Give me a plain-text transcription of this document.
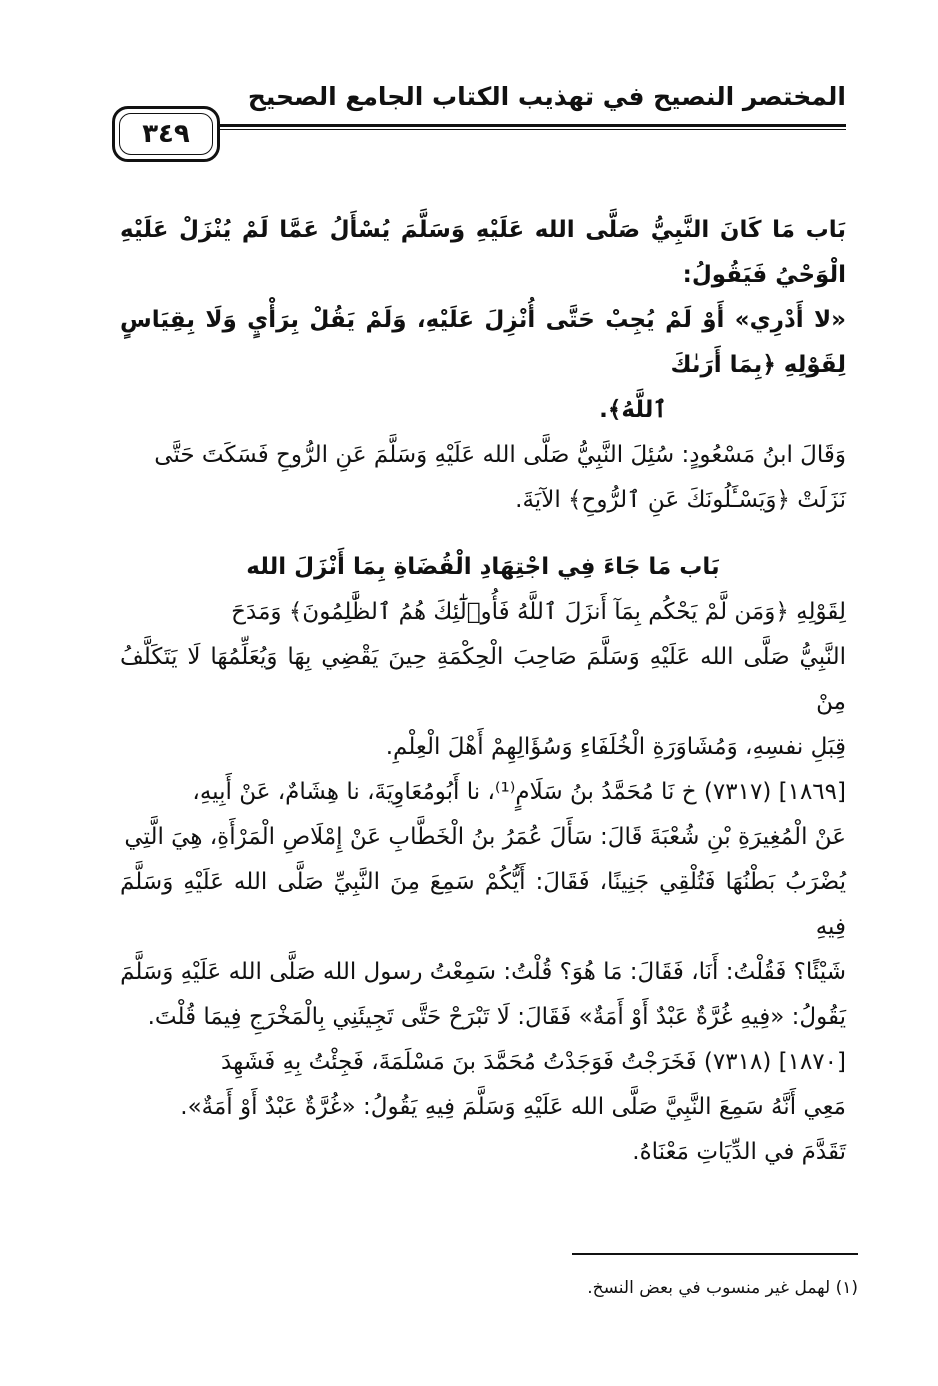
المختصر النصيح في تهذيب الكتاب الجامع الصحيح
٣٤٩

بَاب مَا كَانَ النَّبِيُّ صَلَّى الله عَلَيْهِ وَسَلَّمَ يُسْأَلُ عَمَّا لَمْ يُنْزَلْ عَلَيْهِ الْوَحْيُ فَيَقُولُ:

«لا أَدْرِي» أَوْ لَمْ يُجِبْ حَتَّى أُنْزِلَ عَلَيْهِ، وَلَمْ يَقُلْ بِرَأْيٍ وَلَا بِقِيَاسٍ لِقَوْلِهِ ﴿بِمَا أَرَىٰكَ

ٱللَّهُ﴾.

وَقَالَ ابنُ مَسْعُودٍ: سُئِلَ النَّبِيُّ صَلَّى الله عَلَيْهِ وَسَلَّمَ عَنِ الرُّوحِ فَسَكَتَ حَتَّى

نَزَلَتْ ﴿وَيَسْـَٔلُونَكَ عَنِ ٱلرُّوحِ﴾ الآيَةَ.

بَاب مَا جَاءَ فِي اجْتِهَادِ الْقُضَاةِ بِمَا أَنْزَلَ الله

لِقَوْلِهِ ﴿وَمَن لَّمْ يَحْكُم بِمَآ أَنزَلَ ٱللَّهُ فَأُو۟لَٰٓئِكَ هُمُ ٱلظَّٰلِمُونَ﴾ وَمَدَحَ

النَّبِيُّ صَلَّى الله عَلَيْهِ وَسَلَّمَ صَاحِبَ الْحِكْمَةِ حِينَ يَقْضِي بِهَا وَيُعَلِّمُهَا لَا يَتَكَلَّفُ مِنْ

قِبَلِ نفسِهِ، وَمُشَاوَرَةِ الْخُلَفَاءِ وَسُؤَالِهِمْ أَهْلَ الْعِلْمِ.

[١٨٦٩] (٧٣١٧) خ نَا مُحَمَّدُ بنُ سَلَامٍ⁽¹⁾، نا أَبُومُعَاوِيَةَ، نا هِشَامٌ، عَنْ أَبِيهِ،

عَنْ الْمُغِيرَةِ بْنِ شُعْبَةَ قَالَ: سَأَلَ عُمَرُ بنُ الْخَطَّابِ عَنْ إِمْلَاصِ الْمَرْأَةِ، هِيَ الَّتِي

يُضْرَبُ بَطْنُهَا فَتُلْقِي جَنِينًا، فَقَالَ: أَيُّكُمْ سَمِعَ مِنَ النَّبِيِّ صَلَّى الله عَلَيْهِ وَسَلَّمَ فِيهِ

شَيْئًا؟ فَقُلْتُ: أَنَا، فَقَالَ: مَا هُوَ؟ قُلْتُ: سَمِعْتُ رسول الله صَلَّى الله عَلَيْهِ وَسَلَّمَ

يَقُولُ: «فِيهِ غُرَّةٌ عَبْدٌ أَوْ أَمَةٌ» فَقَالَ: لَا تَبْرَحْ حَتَّى تَجِيئَنِي بِالْمَخْرَجِ فِيمَا قُلْتَ.

[١٨٧٠] (٧٣١٨) فَخَرَجْتُ فَوَجَدْتُ مُحَمَّدَ بنَ مَسْلَمَةَ، فَجِئْتُ بِهِ فَشَهِدَ

مَعِي أَنَّهُ سَمِعَ النَّبِيَّ صَلَّى الله عَلَيْهِ وَسَلَّمَ فِيهِ يَقُولُ: «غُرَّةٌ عَبْدٌ أَوْ أَمَةٌ».

تَقَدَّمَ في الدِّيَاتِ مَعْنَاهُ.

(١) لهمل غير منسوب في بعض النسخ.
